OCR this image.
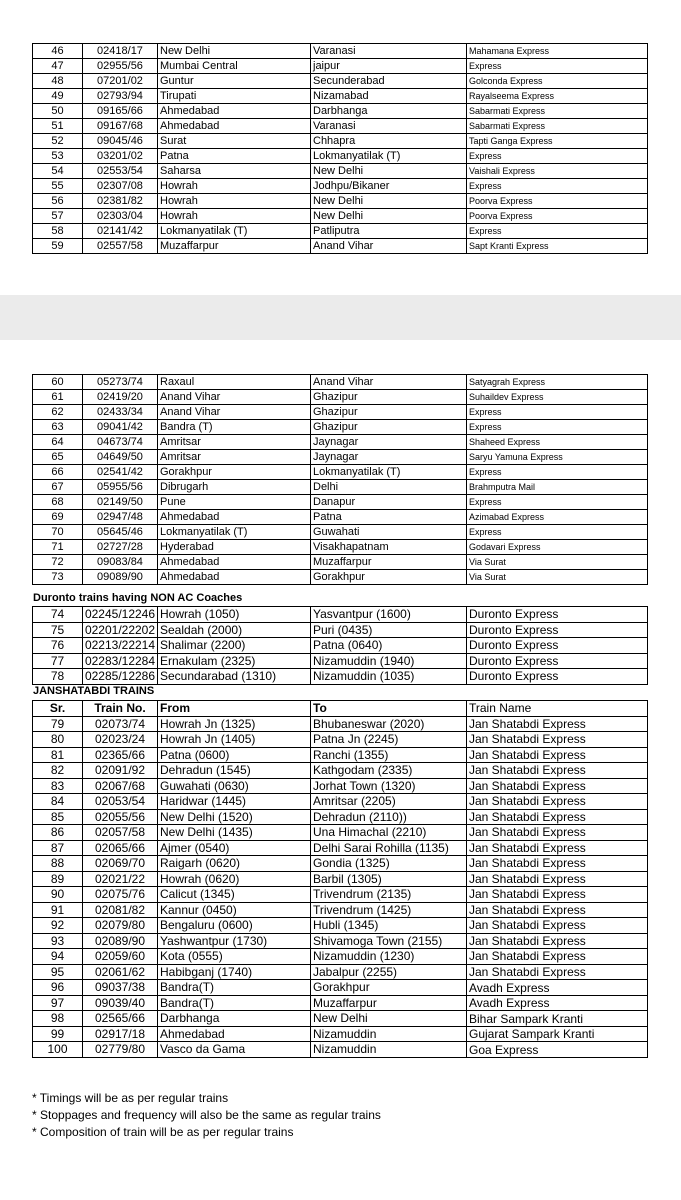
46	02418/17	New Delhi	Varanasi	Mahamana Express
47	02955/56	Mumbai Central	jaipur	Express
48	07201/02	Guntur	Secunderabad	Golconda Express
49	02793/94	Tirupati	Nizamabad	Rayalseema Express
50	09165/66	Ahmedabad	Darbhanga	Sabarmati Express
51	09167/68	Ahmedabad	Varanasi	Sabarmati Express
52	09045/46	Surat	Chhapra	Tapti Ganga Express
53	03201/02	Patna	Lokmanyatilak (T)	Express
54	02553/54	Saharsa	New Delhi	Vaishali Express
55	02307/08	Howrah	Jodhpu/Bikaner	Express
56	02381/82	Howrah	New Delhi	Poorva Express
57	02303/04	Howrah	New Delhi	Poorva Express
58	02141/42	Lokmanyatilak (T)	Patliputra	Express
59	02557/58	Muzaffarpur	Anand Vihar	Sapt Kranti Express
60	05273/74	Raxaul	Anand Vihar	Satyagrah Express
61	02419/20	Anand Vihar	Ghazipur	Suhaildev Express
62	02433/34	Anand Vihar	Ghazipur	Express
63	09041/42	Bandra (T)	Ghazipur	Express
64	04673/74	Amritsar	Jaynagar	Shaheed Express
65	04649/50	Amritsar	Jaynagar	Saryu Yamuna Express
66	02541/42	Gorakhpur	Lokmanyatilak (T)	Express
67	05955/56	Dibrugarh	Delhi	Brahmputra Mail
68	02149/50	Pune	Danapur	Express
69	02947/48	Ahmedabad	Patna	Azimabad Express
70	05645/46	Lokmanyatilak (T)	Guwahati	Express
71	02727/28	Hyderabad	Visakhapatnam	Godavari Express
72	09083/84	Ahmedabad	Muzaffarpur	Via Surat
73	09089/90	Ahmedabad	Gorakhpur	Via Surat
Duronto trains having NON AC Coaches
74	02245/12246	Howrah (1050)	Yasvantpur (1600)	Duronto Express
75	02201/22202	Sealdah (2000)	Puri (0435)	Duronto Express
76	02213/22214	Shalimar (2200)	Patna (0640)	Duronto Express
77	02283/12284	Ernakulam (2325)	Nizamuddin (1940)	Duronto Express
78	02285/12286	Secundarabad (1310)	Nizamuddin (1035)	Duronto Express
JANSHATABDI TRAINS
Sr.	Train No.	From	To	Train Name
79	02073/74	Howrah Jn (1325)	Bhubaneswar (2020)	Jan Shatabdi Express
80	02023/24	Howrah Jn (1405)	Patna Jn (2245)	Jan Shatabdi Express
81	02365/66	Patna (0600)	Ranchi (1355)	Jan Shatabdi Express
82	02091/92	Dehradun (1545)	Kathgodam (2335)	Jan Shatabdi Express
83	02067/68	Guwahati (0630)	Jorhat Town (1320)	Jan Shatabdi Express
84	02053/54	Haridwar (1445)	Amritsar (2205)	Jan Shatabdi Express
85	02055/56	New Delhi (1520)	Dehradun (2110))	Jan Shatabdi Express
86	02057/58	New Delhi (1435)	Una Himachal (2210)	Jan Shatabdi Express
87	02065/66	Ajmer (0540)	Delhi Sarai Rohilla (1135)	Jan Shatabdi Express
88	02069/70	Raigarh (0620)	Gondia (1325)	Jan Shatabdi Express
89	02021/22	Howrah (0620)	Barbil (1305)	Jan Shatabdi Express
90	02075/76	Calicut (1345)	Trivendrum (2135)	Jan Shatabdi Express
91	02081/82	Kannur (0450)	Trivendrum (1425)	Jan Shatabdi Express
92	02079/80	Bengaluru (0600)	Hubli (1345)	Jan Shatabdi Express
93	02089/90	Yashwantpur (1730)	Shivamoga Town (2155)	Jan Shatabdi Express
94	02059/60	Kota (0555)	Nizamuddin (1230)	Jan Shatabdi Express
95	02061/62	Habibganj (1740)	Jabalpur (2255)	Jan Shatabdi Express
96	09037/38	Bandra(T)	Gorakhpur	Avadh Express
97	09039/40	Bandra(T)	Muzaffarpur	Avadh Express
98	02565/66	Darbhanga	New Delhi	Bihar Sampark Kranti
99	02917/18	Ahmedabad	Nizamuddin	Gujarat Sampark Kranti
100	02779/80	Vasco da Gama	Nizamuddin	Goa Express
* Timings will be as per regular trains
* Stoppages and frequency will also be the same as regular trains
* Composition of train will be as per regular trains
